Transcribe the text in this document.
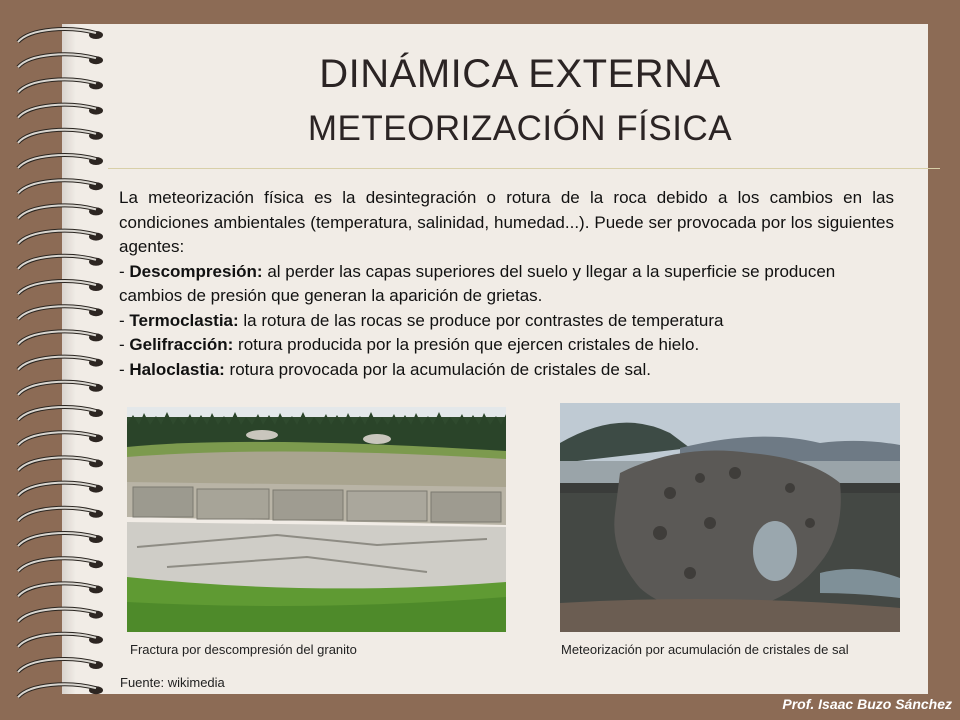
DINÁMICA EXTERNA
METEORIZACIÓN FÍSICA

La meteorización física es la desintegración o rotura de la roca debido a los cambios en las condiciones ambientales (temperatura, salinidad, humedad...). Puede ser provocada por los siguientes agentes:

- Descompresión: al perder las capas superiores del suelo y llegar a la superficie se producen cambios de presión que generan la aparición de grietas.

- Termoclastia: la rotura de las rocas se produce por contrastes de temperatura

- Gelifracción: rotura producida por la presión que ejercen cristales de hielo.

- Haloclastia: rotura provocada por la acumulación de cristales de sal.

Fractura por descompresión del granito	Meteorización por acumulación de cristales de sal
Fuente: wikimedia
Prof. Isaac Buzo Sánchez
